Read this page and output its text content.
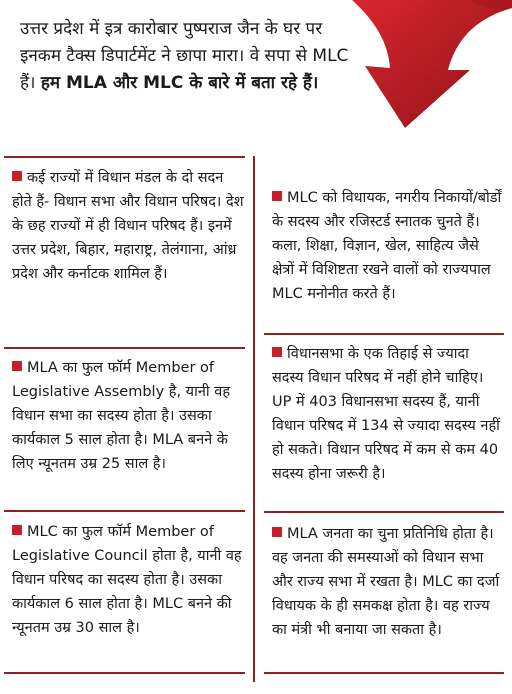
उत्तर प्रदेश में इत्र कारोबार पुष्पराज जैन के घर पर इनकम टैक्स डिपार्टमेंट ने छापा मारा। वे सपा से MLC हैं। हम MLA और MLC के बारे में बता रहे हैं।
कई राज्यों में विधान मंडल के दो सदन होते हैं- विधान सभा और विधान परिषद। देश के छह राज्यों में ही विधान परिषद हैं। इनमें उत्तर प्रदेश, बिहार, महाराष्ट्र, तेलंगाना, आंध्र प्रदेश और कर्नाटक शामिल हैं।
MLA का फुल फॉर्म Member of Legislative Assembly है, यानी वह विधान सभा का सदस्य होता है। उसका कार्यकाल 5 साल होता है। MLA बनने के लिए न्यूनतम उम्र 25 साल है।
MLC का फुल फॉर्म Member of Legislative Council होता है, यानी वह विधान परिषद का सदस्य होता है। उसका कार्यकाल 6 साल होता है। MLC बनने की न्यूनतम उम्र 30 साल है।
MLC को विधायक, नगरीय निकायों/बोर्डों के सदस्य और रजिस्टर्ड स्नातक चुनते हैं। कला, शिक्षा, विज्ञान, खेल, साहित्य जैसे क्षेत्रों में विशिष्टता रखने वालों को राज्यपाल MLC मनोनीत करते हैं।
विधानसभा के एक तिहाई से ज्यादा सदस्य विधान परिषद में नहीं होने चाहिए। UP में 403 विधानसभा सदस्य हैं, यानी विधान परिषद में 134 से ज्यादा सदस्य नहीं हो सकते। विधान परिषद में कम से कम 40 सदस्य होना जरूरी है।
MLA जनता का चुना प्रतिनिधि होता है। वह जनता की समस्याओं को विधान सभा और राज्य सभा में रखता है। MLC का दर्जा विधायक के ही समकक्ष होता है। वह राज्य का मंत्री भी बनाया जा सकता है।
